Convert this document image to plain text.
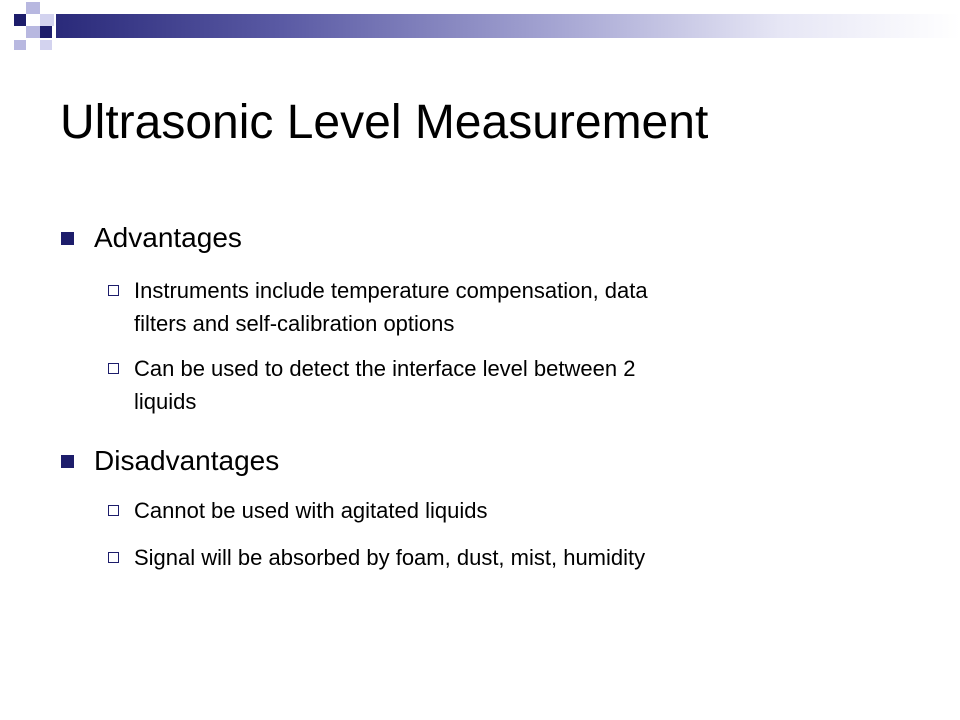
Ultrasonic Level Measurement
Advantages
Instruments include temperature compensation, data
filters and self-calibration options
Can be used to detect the interface level between 2
liquids
Disadvantages
Cannot be used with agitated liquids
Signal will be absorbed by foam, dust, mist, humidity
